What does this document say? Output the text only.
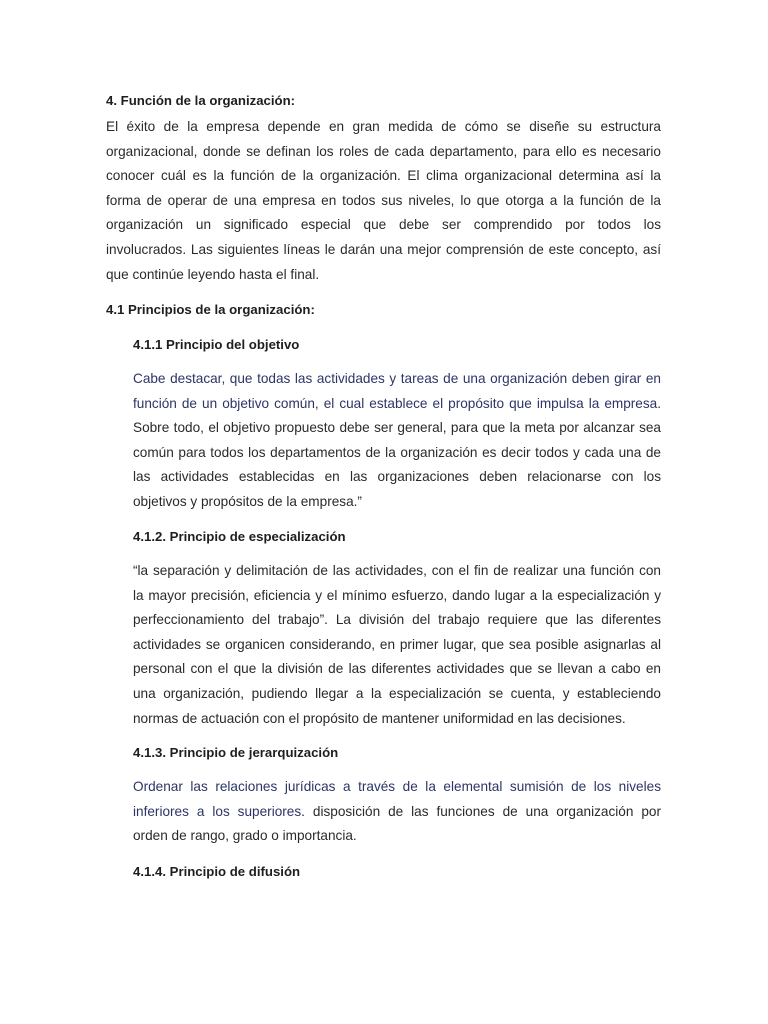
4. Función de la organización:
El éxito de la empresa depende en gran medida de cómo se diseñe su estructura
organizacional, donde se definan los roles de cada departamento, para ello es necesario
conocer cuál es la función de la organización. El clima organizacional determina así la
forma de operar de una empresa en todos sus niveles, lo que otorga a la función de la
organización un significado especial que debe ser comprendido por todos los
involucrados. Las siguientes líneas le darán una mejor comprensión de este concepto, así
que continúe leyendo hasta el final.
4.1 Principios de la organización:
4.1.1 Principio del objetivo
Cabe destacar, que todas las actividades y tareas de una organización deben girar en
función de un objetivo común, el cual establece el propósito que impulsa la empresa.
Sobre todo, el objetivo propuesto debe ser general, para que la meta por alcanzar sea
común para todos los departamentos de la organización es decir todos y cada una de
las actividades establecidas en las organizaciones deben relacionarse con los
objetivos y propósitos de la empresa.”
4.1.2. Principio de especialización
“la separación y delimitación de las actividades, con el fin de realizar una función con
la mayor precisión, eficiencia y el mínimo esfuerzo, dando lugar a la especialización y
perfeccionamiento del trabajo”. La división del trabajo requiere que las diferentes
actividades se organicen considerando, en primer lugar, que sea posible asignarlas al
personal con el que la división de las diferentes actividades que se llevan a cabo en
una organización, pudiendo llegar a la especialización se cuenta, y estableciendo
normas de actuación con el propósito de mantener uniformidad en las decisiones.
4.1.3. Principio de jerarquización
Ordenar las relaciones jurídicas a través de la elemental sumisión de los niveles
inferiores a los superiores. disposición de las funciones de una organización por
orden de rango, grado o importancia.
4.1.4. Principio de difusión
